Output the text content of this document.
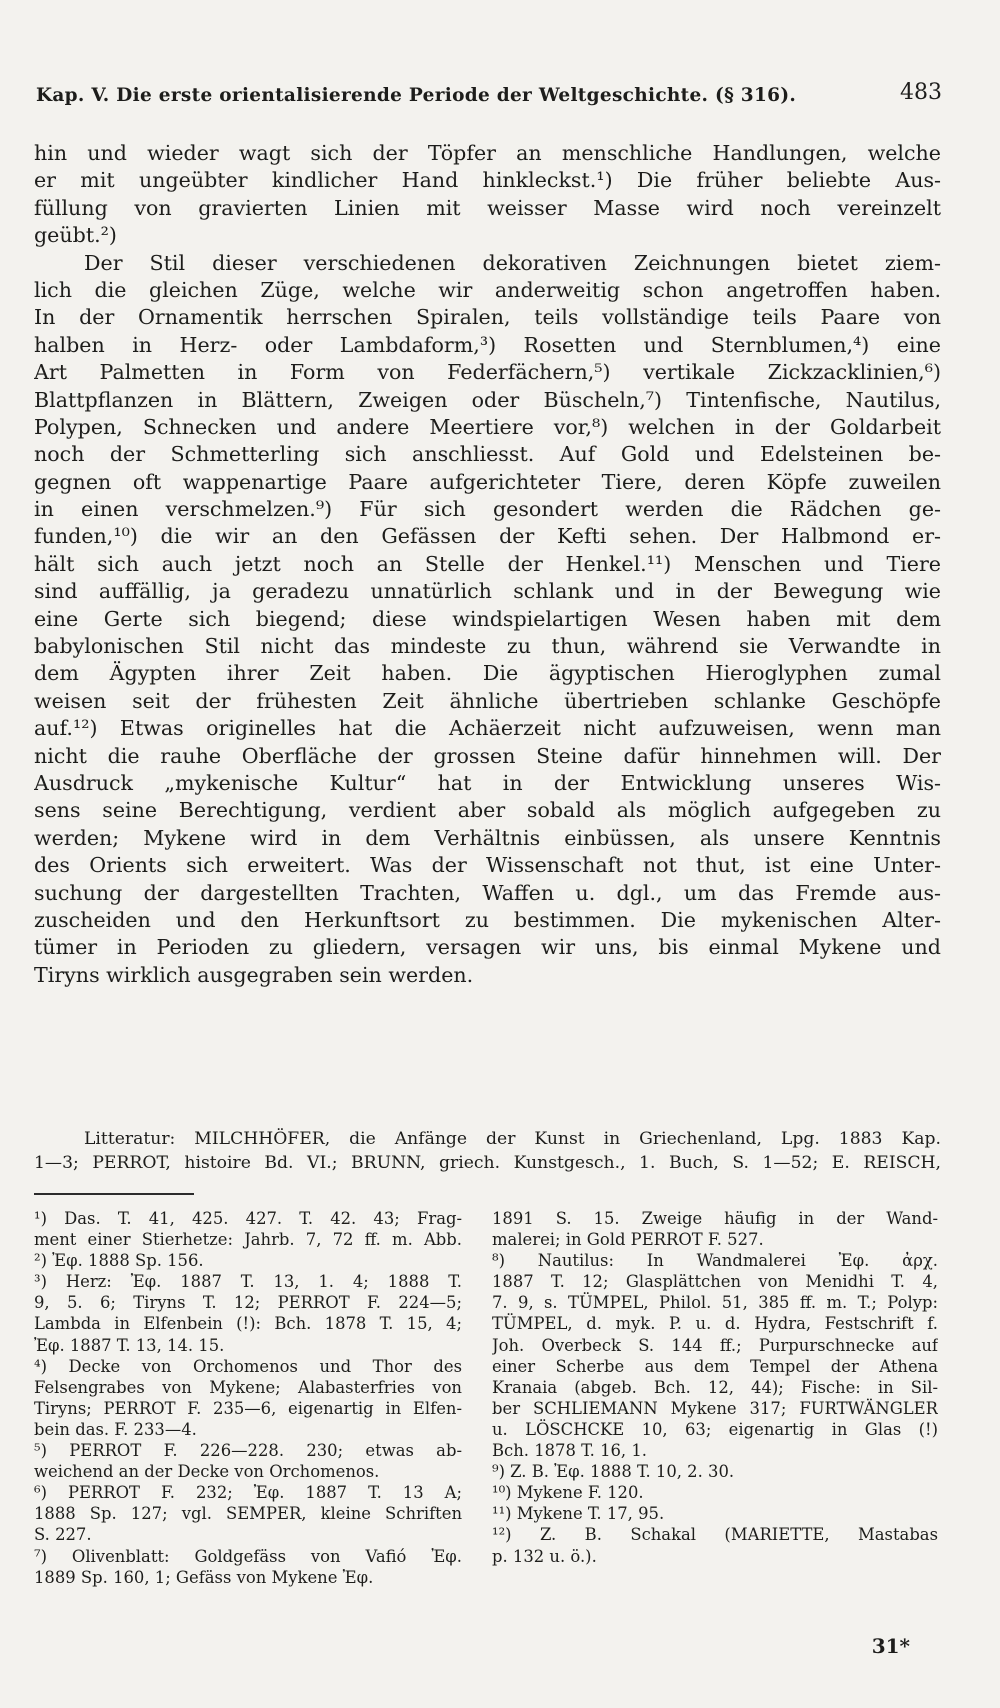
Kap. V. Die erste orientalisierende Periode der Weltgeschichte. (§ 316).	483
hin und wieder wagt sich der Töpfer an menschliche Handlungen, welche
er mit ungeübter kindlicher Hand hinkleckst.¹) Die früher beliebte Aus-
füllung von gravierten Linien mit weisser Masse wird noch vereinzelt
geübt.²)
Der Stil dieser verschiedenen dekorativen Zeichnungen bietet ziem-
lich die gleichen Züge, welche wir anderweitig schon angetroffen haben.
In der Ornamentik herrschen Spiralen, teils vollständige teils Paare von
halben in Herz- oder Lambdaform,³) Rosetten und Sternblumen,⁴) eine
Art Palmetten in Form von Federfächern,⁵) vertikale Zickzacklinien,⁶)
Blattpflanzen in Blättern, Zweigen oder Büscheln,⁷) Tintenfische, Nautilus,
Polypen, Schnecken und andere Meertiere vor,⁸) welchen in der Goldarbeit
noch der Schmetterling sich anschliesst. Auf Gold und Edelsteinen be-
gegnen oft wappenartige Paare aufgerichteter Tiere, deren Köpfe zuweilen
in einen verschmelzen.⁹) Für sich gesondert werden die Rädchen ge-
funden,¹⁰) die wir an den Gefässen der Kefti sehen. Der Halbmond er-
hält sich auch jetzt noch an Stelle der Henkel.¹¹) Menschen und Tiere
sind auffällig, ja geradezu unnatürlich schlank und in der Bewegung wie
eine Gerte sich biegend; diese windspielartigen Wesen haben mit dem
babylonischen Stil nicht das mindeste zu thun, während sie Verwandte in
dem Ägypten ihrer Zeit haben. Die ägyptischen Hieroglyphen zumal
weisen seit der frühesten Zeit ähnliche übertrieben schlanke Geschöpfe
auf.¹²) Etwas originelles hat die Achäerzeit nicht aufzuweisen, wenn man
nicht die rauhe Oberfläche der grossen Steine dafür hinnehmen will. Der
Ausdruck „mykenische Kultur“ hat in der Entwicklung unseres Wis-
sens seine Berechtigung, verdient aber sobald als möglich aufgegeben zu
werden; Mykene wird in dem Verhältnis einbüssen, als unsere Kenntnis
des Orients sich erweitert. Was der Wissenschaft not thut, ist eine Unter-
suchung der dargestellten Trachten, Waffen u. dgl., um das Fremde aus-
zuscheiden und den Herkunftsort zu bestimmen. Die mykenischen Alter-
tümer in Perioden zu gliedern, versagen wir uns, bis einmal Mykene und
Tiryns wirklich ausgegraben sein werden.
Litteratur: MILCHHÖFER, die Anfänge der Kunst in Griechenland, Lpg. 1883 Kap.
1—3; PERROT, histoire Bd. VI.; BRUNN, griech. Kunstgesch., 1. Buch, S. 1—52; E. REISCH,
¹) Das. T. 41, 425. 427. T. 42. 43; Frag-
ment einer Stierhetze: Jahrb. 7, 72 ff. m. Abb.
²) Ἐφ. 1888 Sp. 156.
³) Herz: Ἐφ. 1887 T. 13, 1. 4; 1888 T.
9, 5. 6; Tiryns T. 12; PERROT F. 224—5;
Lambda in Elfenbein (!): Bch. 1878 T. 15, 4;
Ἐφ. 1887 T. 13, 14. 15.
⁴) Decke von Orchomenos und Thor des
Felsengrabes von Mykene; Alabasterfries von
Tiryns; PERROT F. 235—6, eigenartig in Elfen-
bein das. F. 233—4.
⁵) PERROT F. 226—228. 230; etwas ab-
weichend an der Decke von Orchomenos.
⁶) PERROT F. 232; Ἐφ. 1887 T. 13 A;
1888 Sp. 127; vgl. SEMPER, kleine Schriften
S. 227.
⁷) Olivenblatt: Goldgefäss von Vafió Ἐφ.
1889 Sp. 160, 1; Gefäss von Mykene Ἐφ.
1891 S. 15. Zweige häufig in der Wand-
malerei; in Gold PERROT F. 527.
⁸) Nautilus: In Wandmalerei Ἐφ. ἀρχ.
1887 T. 12; Glasplättchen von Menidhi T. 4,
7. 9, s. TÜMPEL, Philol. 51, 385 ff. m. T.; Polyp:
TÜMPEL, d. myk. P. u. d. Hydra, Festschrift f.
Joh. Overbeck S. 144 ff.; Purpurschnecke auf
einer Scherbe aus dem Tempel der Athena
Kranaia (abgeb. Bch. 12, 44); Fische: in Sil-
ber SCHLIEMANN Mykene 317; FURTWÄNGLER
u. LÖSCHCKE 10, 63; eigenartig in Glas (!)
Bch. 1878 T. 16, 1.
⁹) Z. B. Ἐφ. 1888 T. 10, 2. 30.
¹⁰) Mykene F. 120.
¹¹) Mykene T. 17, 95.
¹²) Z. B. Schakal (MARIETTE, Mastabas
p. 132 u. ö.).
31*
